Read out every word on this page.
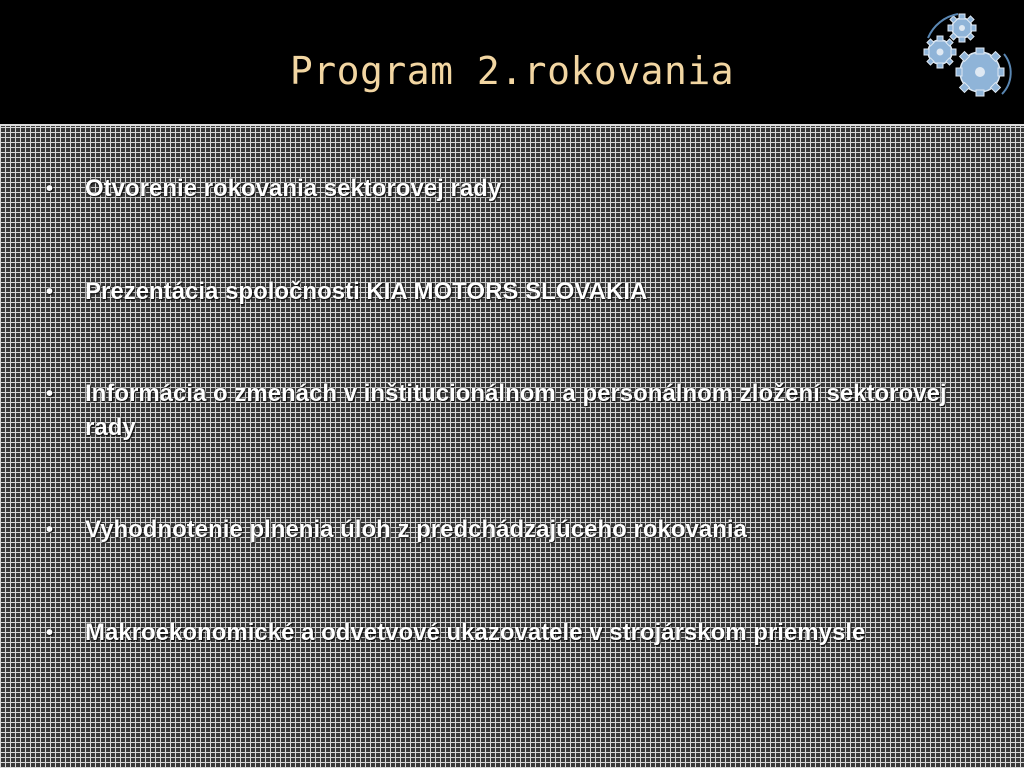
Program 2.rokovania
•	Otvorenie rokovania sektorovej rady
•	Prezentácia spoločnosti KIA MOTORS SLOVAKIA
•	Informácia o zmenách v inštitucionálnom a personálnom zložení sektorovej rady
•	Vyhodnotenie plnenia úloh z predchádzajúceho rokovania
•	Makroekonomické a odvetvové ukazovatele v strojárskom priemysle
